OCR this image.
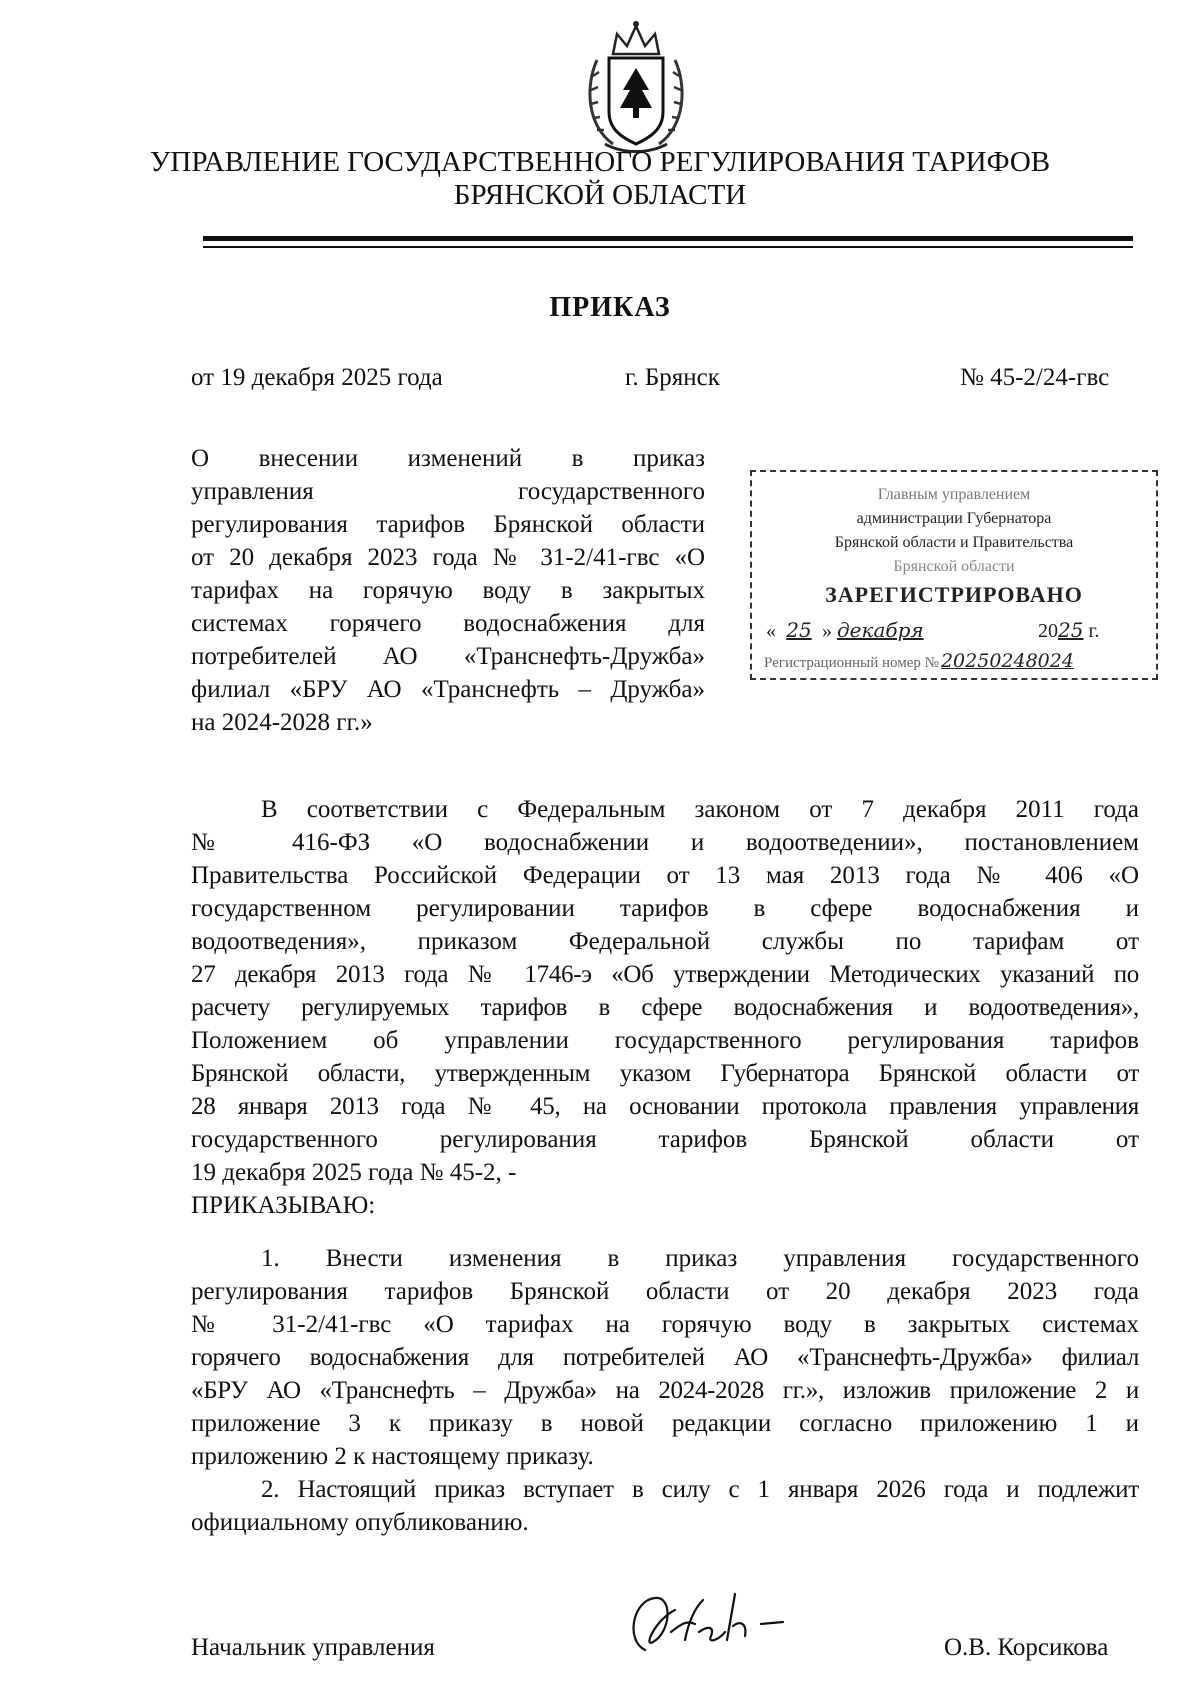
УПРАВЛЕНИЕ ГОСУДАРСТВЕННОГО РЕГУЛИРОВАНИЯ ТАРИФОВ
БРЯНСКОЙ ОБЛАСТИ
ПРИКАЗ
от 19 декабря 2025 года	г. Брянск	№ 45-2/24-гвс
О внесении изменений в приказ
управления государственного
регулирования тарифов Брянской области
от 20 декабря 2023 года № 31-2/41-гвс «О
тарифах на горячую воду в закрытых
системах горячего водоснабжения для
потребителей АО «Транснефть-Дружба»
филиал «БРУ АО «Транснефть – Дружба»
на 2024-2028 гг.»
Главным управлением
администрации Губернатора
Брянской области и Правительства
Брянской области
ЗАРЕГИСТРИРОВАНО
« 25 » декабря	2025 г.
Регистрационный номер № 20250248024
В соответствии с Федеральным законом от 7 декабря 2011 года
№ 416-ФЗ «О водоснабжении и водоотведении», постановлением
Правительства Российской Федерации от 13 мая 2013 года № 406 «О
государственном регулировании тарифов в сфере водоснабжения и
водоотведения», приказом Федеральной службы по тарифам от
27 декабря 2013 года № 1746-э «Об утверждении Методических указаний по
расчету регулируемых тарифов в сфере водоснабжения и водоотведения»,
Положением об управлении государственного регулирования тарифов
Брянской области, утвержденным указом Губернатора Брянской области от
28 января 2013 года № 45, на основании протокола правления управления
государственного регулирования тарифов Брянской области от
19 декабря 2025 года № 45-2, -
ПРИКАЗЫВАЮ:
1. Внести изменения в приказ управления государственного
регулирования тарифов Брянской области от 20 декабря 2023 года
№ 31-2/41-гвс «О тарифах на горячую воду в закрытых системах
горячего водоснабжения для потребителей АО «Транснефть-Дружба» филиал
«БРУ АО «Транснефть – Дружба» на 2024-2028 гг.», изложив приложение 2 и
приложение 3 к приказу в новой редакции согласно приложению 1 и
приложению 2 к настоящему приказу.
2. Настоящий приказ вступает в силу с 1 января 2026 года и подлежит
официальному опубликованию.
Начальник управления	О.В. Корсикова
